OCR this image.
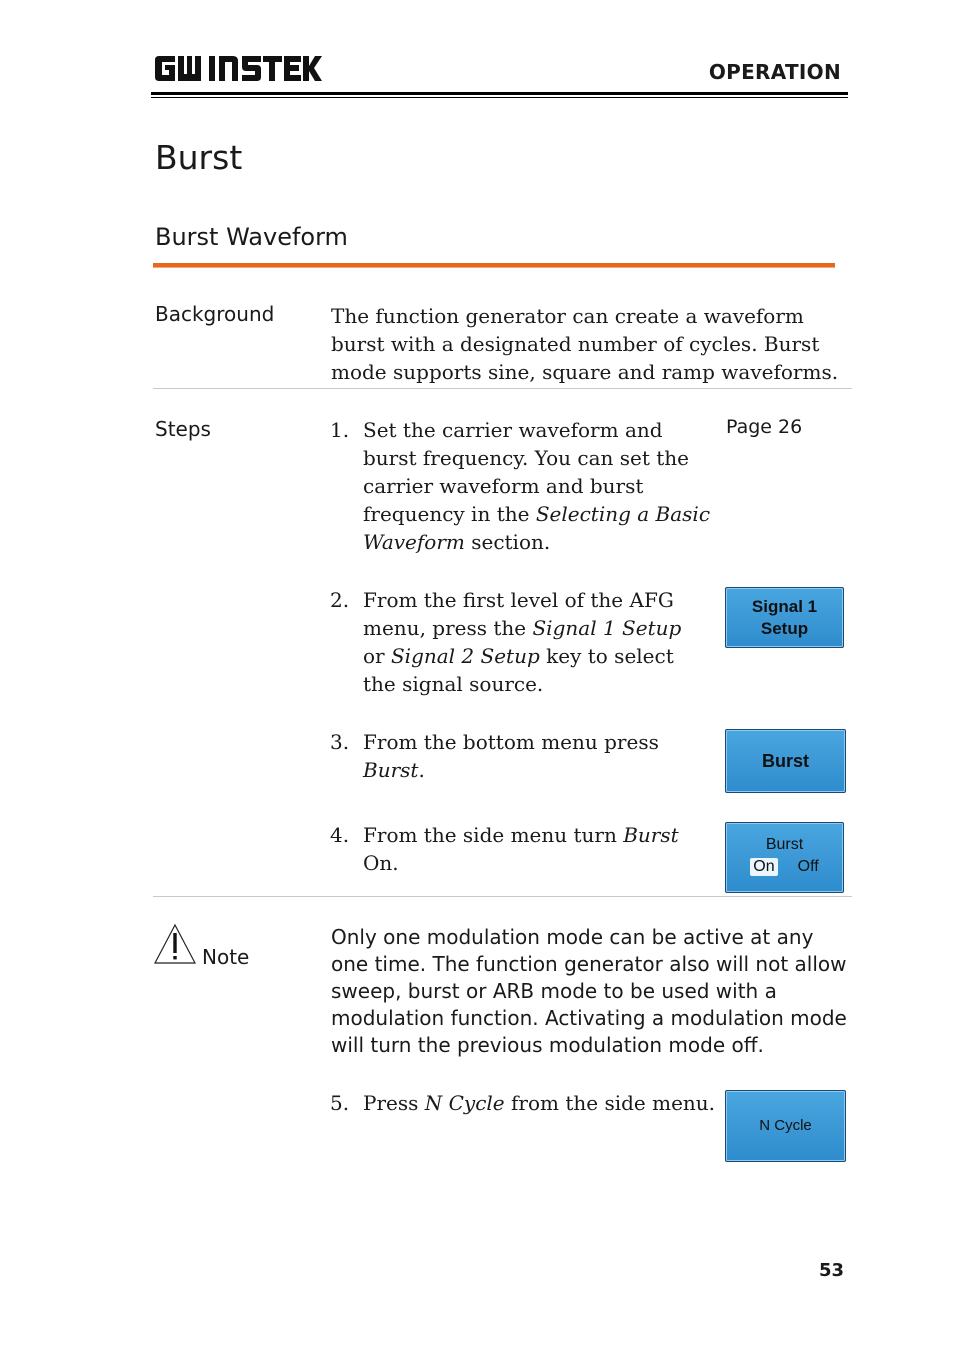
OPERATION
Burst
Burst Waveform
Background	The function generator can create a waveform burst with a designated number of cycles. Burst mode supports sine, square and ramp waveforms.
Steps	Page 26
1. Set the carrier waveform and burst frequency. You can set the carrier waveform and burst frequency in the Selecting a Basic Waveform section.
2. From the first level of the AFG menu, press the Signal 1 Setup or Signal 2 Setup key to select the signal source.
Signal 1
Setup
3. From the bottom menu press Burst.	Burst
4. From the side menu turn Burst On.
Burst
On Off
Note
Only one modulation mode can be active at any one time. The function generator also will not allow sweep, burst or ARB mode to be used with a modulation function. Activating a modulation mode will turn the previous modulation mode off.
5. Press N Cycle from the side menu.
N Cycle
53
